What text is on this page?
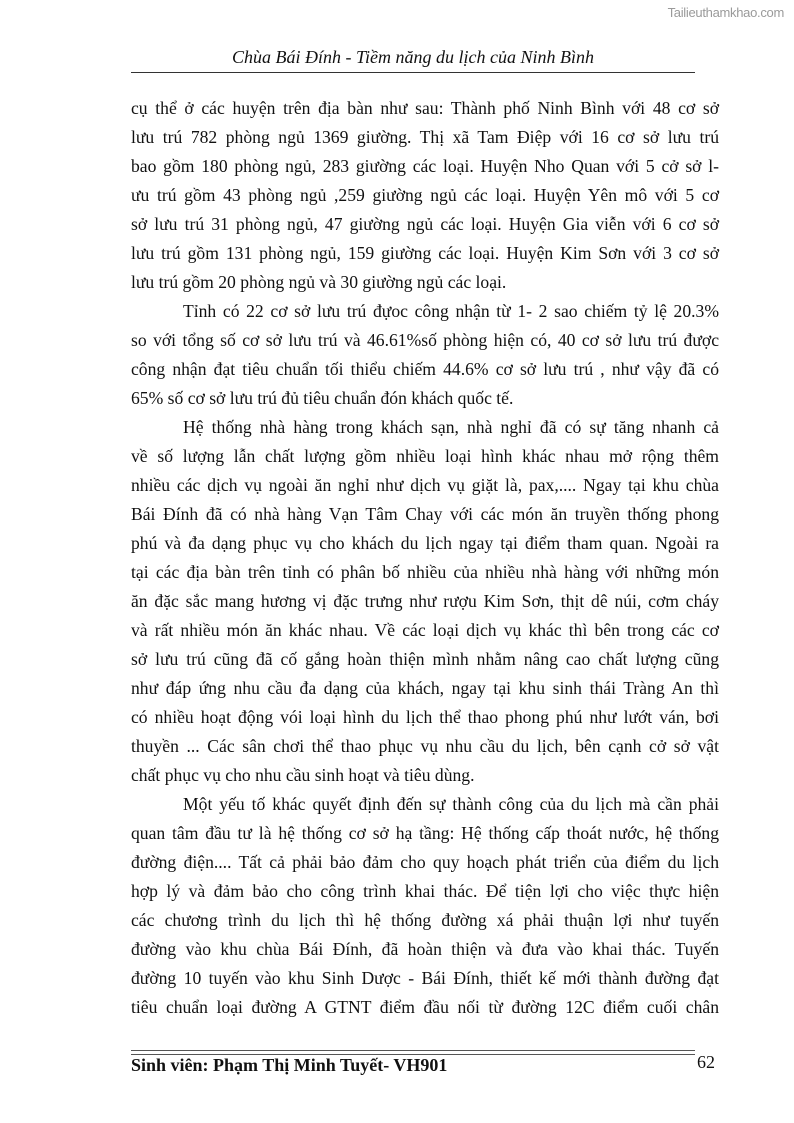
Tailieuthamkhao.com
Chùa Bái Đính - Tiềm năng du lịch của Ninh Bình
cụ thể ở các huyện trên địa bàn như sau: Thành phố Ninh Bình với 48 cơ sở
lưu trú 782 phòng ngủ 1369 giường. Thị xã Tam Điệp với 16 cơ sở lưu trú
bao gồm 180 phòng ngủ, 283 giường các loại. Huyện Nho Quan với 5 cở sở l-
ưu trú gồm 43 phòng ngủ ,259 giường ngủ các loại. Huyện Yên mô với 5 cơ
sở lưu trú 31 phòng ngủ, 47 giường ngủ các loại. Huyện Gia viễn với 6 cơ sở
lưu trú gồm 131 phòng ngủ, 159 giường các loại. Huyện Kim Sơn với 3 cơ sở
lưu trú gồm 20 phòng ngủ và 30 giường ngủ các loại.
Tỉnh có 22 cơ sở lưu trú đựoc công nhận từ 1- 2 sao chiếm tỷ lệ 20.3%
so với tổng số cơ sở lưu trú và 46.61%số phòng hiện có, 40 cơ sở lưu trú được
công nhận đạt tiêu chuẩn tối thiểu chiếm 44.6% cơ sở lưu trú , như vậy đã có
65% số cơ sở lưu trú đủ tiêu chuẩn đón khách quốc tế.
Hệ thống nhà hàng trong khách sạn, nhà nghỉ đã có sự tăng nhanh cả
về số lượng lẫn chất lượng gồm nhiều loại hình khác nhau mở rộng thêm
nhiều các dịch vụ ngoài ăn nghỉ như dịch vụ giặt là, pax,.... Ngay tại khu chùa
Bái Đính đã có nhà hàng Vạn Tâm Chay với các món ăn truyền thống phong
phú và đa dạng phục vụ cho khách du lịch ngay tại điểm tham quan. Ngoài ra
tại các địa bàn trên tỉnh có phân bố nhiều của nhiều nhà hàng với những món
ăn đặc sắc mang hương vị đặc trưng như rượu Kim Sơn, thịt dê núi, cơm cháy
và rất nhiều món ăn khác nhau. Về các loại dịch vụ khác thì bên trong các cơ
sở lưu trú cũng đã cố gắng hoàn thiện mình nhằm nâng cao chất lượng cũng
như đáp ứng nhu cầu đa dạng của khách, ngay tại khu sinh thái Tràng An thì
có nhiều hoạt động vói loại hình du lịch thể thao phong phú như lướt ván, bơi
thuyền ... Các sân chơi thể thao phục vụ nhu cầu du lịch, bên cạnh cở sở vật
chất phục vụ cho nhu cầu sinh hoạt và tiêu dùng.
Một yếu tố khác quyết định đến sự thành công của du lịch mà cần phải
quan tâm đầu tư là hệ thống cơ sở hạ tầng: Hệ thống cấp thoát nước, hệ thống
đường điện.... Tất cả phải bảo đảm cho quy hoạch phát triển của điểm du lịch
hợp lý và đảm bảo cho công trình khai thác. Để tiện lợi cho việc thực hiện
các chương trình du lịch thì hệ thống đường xá phải thuận lợi như tuyến
đường vào khu chùa Bái Đính, đã hoàn thiện và đưa vào khai thác. Tuyến
đường 10 tuyến vào khu Sinh Dược - Bái Đính, thiết kế mới thành đường đạt
tiêu chuẩn loại đường A GTNT điểm đầu nối từ đường 12C điểm cuối chân
Sinh viên: Phạm Thị Minh Tuyết- VH901	62
